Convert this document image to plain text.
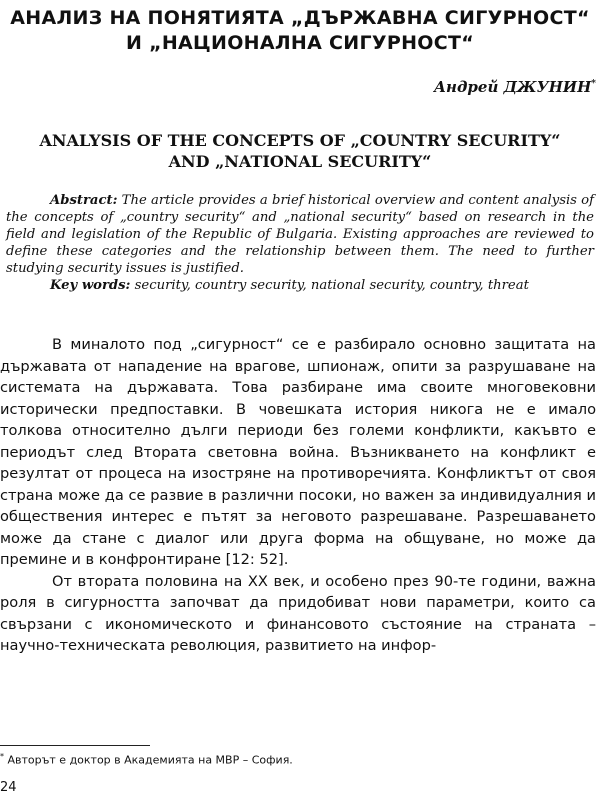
АНАЛИЗ НА ПОНЯТИЯТА „ДЪРЖАВНА СИГУРНОСТ“
И „НАЦИОНАЛНА СИГУРНОСТ“
Андрей ДЖУНИН*
ANALYSIS OF THE CONCEPTS OF „COUNTRY SECURITY“
AND „NATIONAL SECURITY“
Abstract: The article provides a brief historical overview and content analysis of the concepts of „country security“ and „national security“ based on research in the field and legislation of the Republic of Bulgaria. Existing approaches are reviewed to define these categories and the relationship between them. The need to further studying security issues is justified.
Key words: security, country security, national security, country, threat

В миналото под „сигурност“ се е разбирало основно защитата на държавата от нападение на врагове, шпионаж, опити за разрушаване на системата на държавата. Това разбиране има своите многовековни исторически предпоставки. В човешката история никога не е имало толкова относително дълги периоди без големи конфликти, какъвто е периодът след Втората световна война. Възникването на конфликт е резултат от процеса на изостряне на противоречията. Конфликтът от своя страна може да се развие в различни посоки, но важен за индивидуалния и обществения интерес е пътят за неговото разрешаване. Разрешаването може да стане с диалог или друга форма на общуване, но може да премине и в конфронтиране [12: 52].

От втората половина на ХХ век, и особено през 90-те години, важна роля в сигурността започват да придобиват нови параметри, които са свързани с икономическото и финансовото състояние на страната – научно-техническата революция, развитието на инфор-

* Авторът е доктор в Академията на МВР – София.
24
